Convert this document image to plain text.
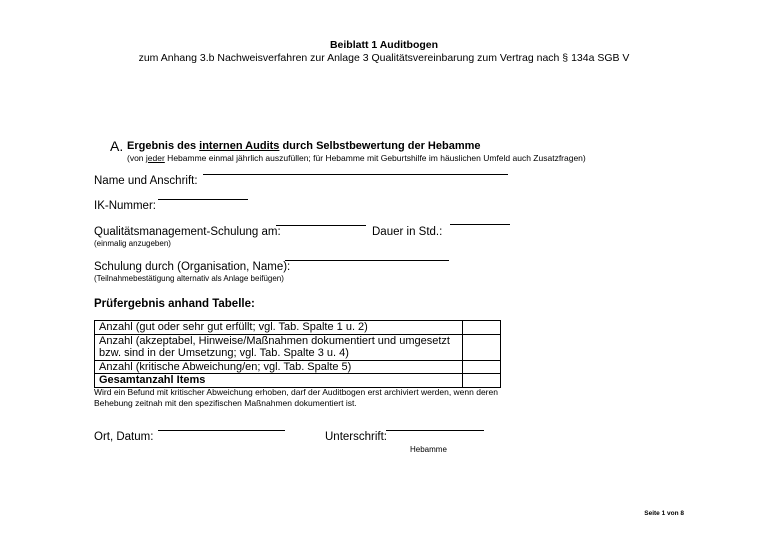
Beiblatt 1 Auditbogen
zum Anhang 3.b Nachweisverfahren zur Anlage 3 Qualitätsvereinbarung zum Vertrag nach § 134a SGB V
A. Ergebnis des internen Audits durch Selbstbewertung der Hebamme
(von jeder Hebamme einmal jährlich auszufüllen; für Hebamme mit Geburtshilfe im häuslichen Umfeld auch Zusatzfragen)
Name und Anschrift:
IK-Nummer:
Qualitätsmanagement-Schulung am:
(einmalig anzugeben)
Dauer in Std.:
Schulung durch (Organisation, Name):
(Teilnahmebestätigung alternativ als Anlage beifügen)
Prüfergebnis anhand Tabelle:
Anzahl (gut oder sehr gut erfüllt; vgl. Tab. Spalte 1 u. 2)	
Anzahl (akzeptabel, Hinweise/Maßnahmen dokumentiert und umgesetzt bzw. sind in der Umsetzung; vgl. Tab. Spalte 3 u. 4)	
Anzahl (kritische Abweichung/en; vgl. Tab. Spalte 5)	
Gesamtanzahl Items	
Wird ein Befund mit kritischer Abweichung erhoben, darf der Auditbogen erst archiviert werden, wenn deren Behebung zeitnah mit den spezifischen Maßnahmen dokumentiert ist.
Ort, Datum:	Unterschrift:
Hebamme
Seite 1 von 8
